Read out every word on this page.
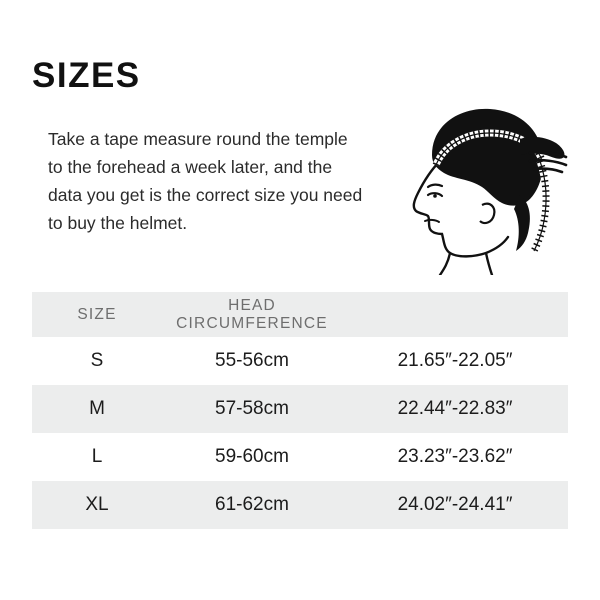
SIZES
Take a tape measure round the temple to the forehead a week later, and the data you get is the correct size you need to buy the helmet.
SIZE	HEAD CIRCUMFERENCE	
S	55-56cm	21.65″-22.05″
M	57-58cm	22.44″-22.83″
L	59-60cm	23.23″-23.62″
XL	61-62cm	24.02″-24.41″
